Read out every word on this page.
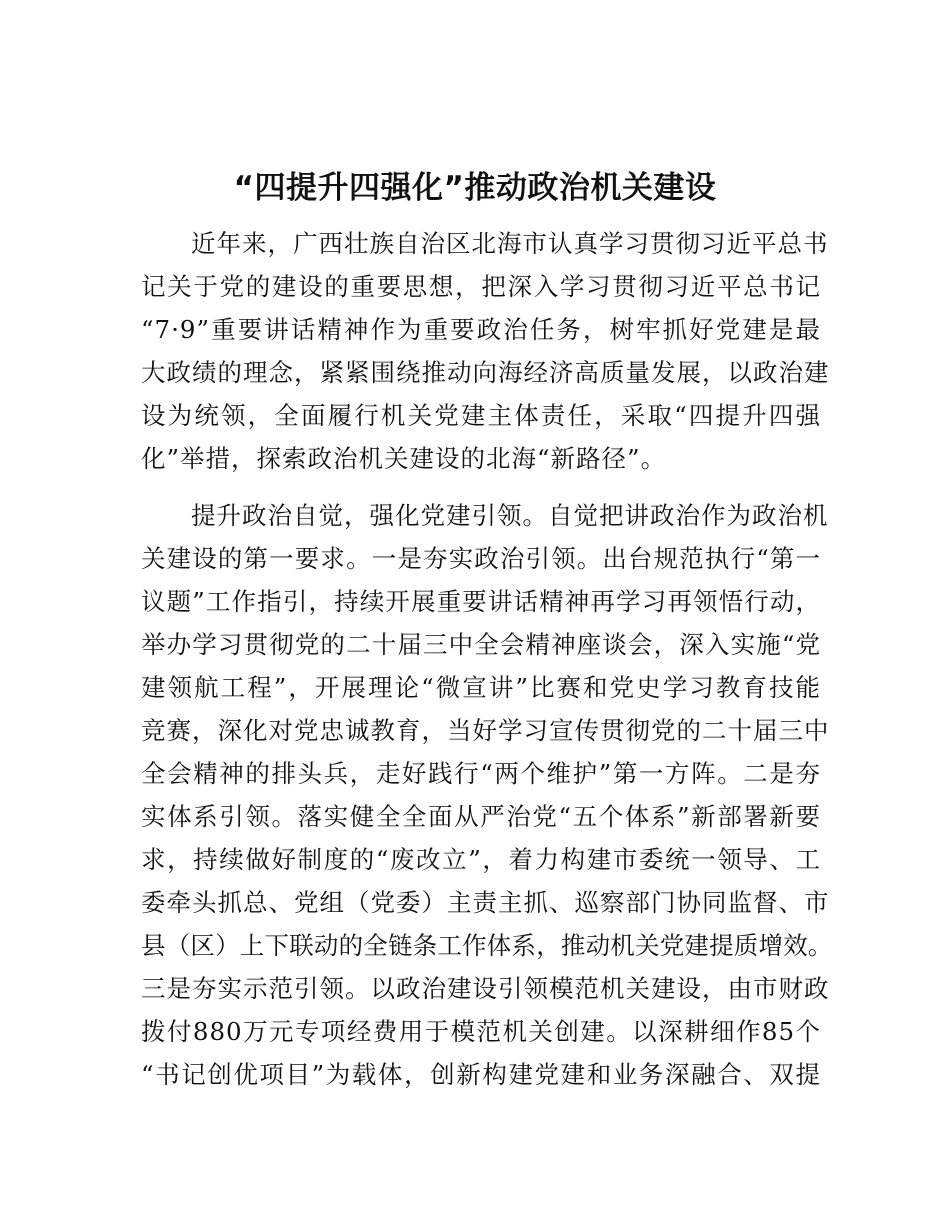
“四提升四强化”推动政治机关建设

近年来，广西壮族自治区北海市认真学习贯彻习近平总书
记关于党的建设的重要思想，把深入学习贯彻习近平总书记
“7·9”重要讲话精神作为重要政治任务，树牢抓好党建是最
大政绩的理念，紧紧围绕推动向海经济高质量发展，以政治建
设为统领，全面履行机关党建主体责任，采取“四提升四强
化”举措，探索政治机关建设的北海“新路径”。

提升政治自觉，强化党建引领。自觉把讲政治作为政治机
关建设的第一要求。一是夯实政治引领。出台规范执行“第一
议题”工作指引，持续开展重要讲话精神再学习再领悟行动，
举办学习贯彻党的二十届三中全会精神座谈会，深入实施“党
建领航工程”，开展理论“微宣讲”比赛和党史学习教育技能
竞赛，深化对党忠诚教育，当好学习宣传贯彻党的二十届三中
全会精神的排头兵，走好践行“两个维护”第一方阵。二是夯
实体系引领。落实健全全面从严治党“五个体系”新部署新要
求，持续做好制度的“废改立”，着力构建市委统一领导、工
委牵头抓总、党组（党委）主责主抓、巡察部门协同监督、市
县（区）上下联动的全链条工作体系，推动机关党建提质增效。
三是夯实示范引领。以政治建设引领模范机关建设，由市财政
拨付880万元专项经费用于模范机关创建。以深耕细作85个
“书记创优项目”为载体，创新构建党建和业务深融合、双提
